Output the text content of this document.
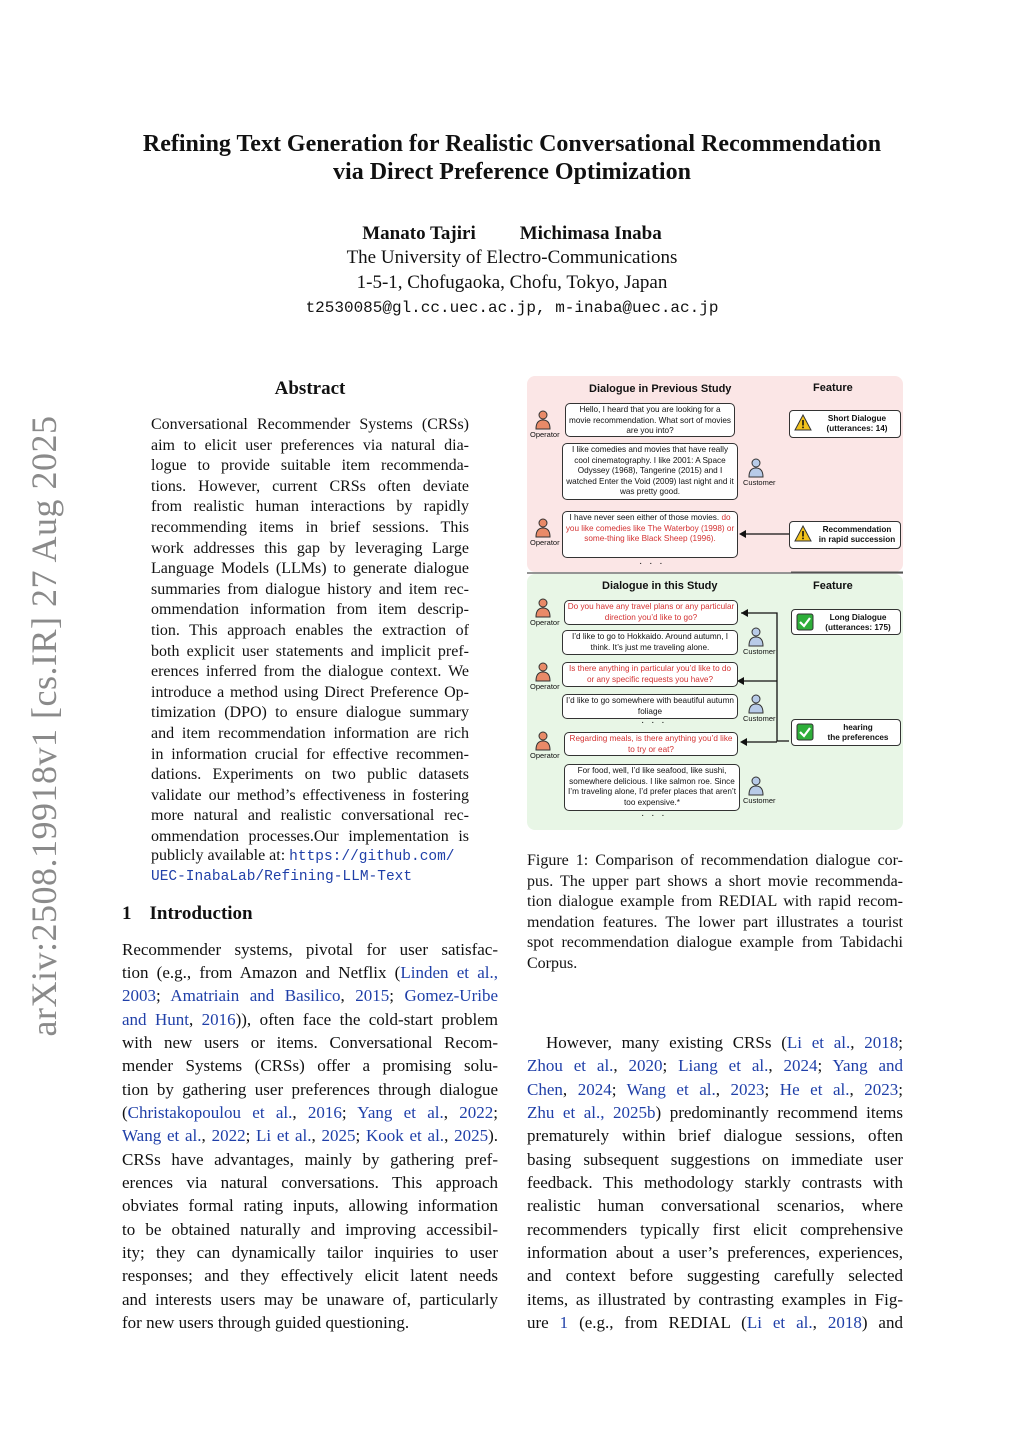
arXiv:2508.19918v1 [cs.IR] 27 Aug 2025
Refining Text Generation for Realistic Conversational Recommendation
via Direct Preference Optimization
Manato Tajiri Michimasa Inaba
The University of Electro-Communications
1-5-1, Chofugaoka, Chofu, Tokyo, Japan
t2530085@gl.cc.uec.ac.jp, m-inaba@uec.ac.jp
Abstract
Conversational Recommender Systems (CRSs)
aim to elicit user preferences via natural dia-
logue to provide suitable item recommenda-
tions. However, current CRSs often deviate
from realistic human interactions by rapidly
recommending items in brief sessions. This
work addresses this gap by leveraging Large
Language Models (LLMs) to generate dialogue
summaries from dialogue history and item rec-
ommendation information from item descrip-
tion. This approach enables the extraction of
both explicit user statements and implicit pref-
erences inferred from the dialogue context. We
introduce a method using Direct Preference Op-
timization (DPO) to ensure dialogue summary
and item recommendation information are rich
in information crucial for effective recommen-
dations. Experiments on two public datasets
validate our method’s effectiveness in fostering
more natural and realistic conversational rec-
ommendation processes.Our implementation is
publicly available at: https://github.com/
UEC-InabaLab/Refining-LLM-Text
1 Introduction
Recommender systems, pivotal for user satisfac-
tion (e.g., from Amazon and Netflix (Linden et al.,
2003; Amatriain and Basilico, 2015; Gomez-Uribe
and Hunt, 2016)), often face the cold-start problem
with new users or items. Conversational Recom-
mender Systems (CRSs) offer a promising solu-
tion by gathering user preferences through dialogue
(Christakopoulou et al., 2016; Yang et al., 2022;
Wang et al., 2022; Li et al., 2025; Kook et al., 2025).
CRSs have advantages, mainly by gathering pref-
erences via natural conversations. This approach
obviates formal rating inputs, allowing information
to be obtained naturally and improving accessibil-
ity; they can dynamically tailor inquiries to user
responses; and they effectively elicit latent needs
and interests users may be unaware of, particularly
for new users through guided questioning.
Dialogue in Previous Study	Feature
Operator
Customer
Operator
Hello, I heard that you are looking for a movie recommendation. What sort of movies are you into?
I like comedies and movies that have really cool cinematography. I like 2001: A Space Odyssey (1968), Tangerine (2015) and I watched Enter the Void (2009) last night and it was pretty good.
I have never seen either of those movies. do you like comedies like The Waterboy (1998) or some-thing like Black Sheep (1996).
· · ·
Short Dialogue
(utterances: 14)
Recommendation
in rapid succession
Dialogue in this Study	Feature
Operator
Customer
Operator
Customer
Operator
Customer
Do you have any travel plans or any particular direction you’d like to go?
I’d like to go to Hokkaido. Around autumn, I think. It’s just me traveling alone.
Is there anything in particular you’d like to do or any specific requests you have?
I’d like to go somewhere with beautiful autumn foliage
· · ·
Regarding meals, is there anything you’d like to try or eat?
For food, well, I’d like seafood, like sushi, somewhere delicious. I like salmon roe. Since I’m traveling alone, I’d prefer places that aren’t too expensive.*
· · ·
Long Dialogue
(utterances: 175)
hearing
the preferences
Figure 1: Comparison of recommendation dialogue cor-
pus. The upper part shows a short movie recommenda-
tion dialogue example from REDIAL with rapid recom-
mendation features. The lower part illustrates a tourist
spot recommendation dialogue example from Tabidachi
Corpus.
However, many existing CRSs (Li et al., 2018;
Zhou et al., 2020; Liang et al., 2024; Yang and
Chen, 2024; Wang et al., 2023; He et al., 2023;
Zhu et al., 2025b) predominantly recommend items
prematurely within brief dialogue sessions, often
basing subsequent suggestions on immediate user
feedback. This methodology starkly contrasts with
realistic human conversational scenarios, where
recommenders typically first elicit comprehensive
information about a user’s preferences, experiences,
and context before suggesting carefully selected
items, as illustrated by contrasting examples in Fig-
ure 1 (e.g., from REDIAL (Li et al., 2018) and
